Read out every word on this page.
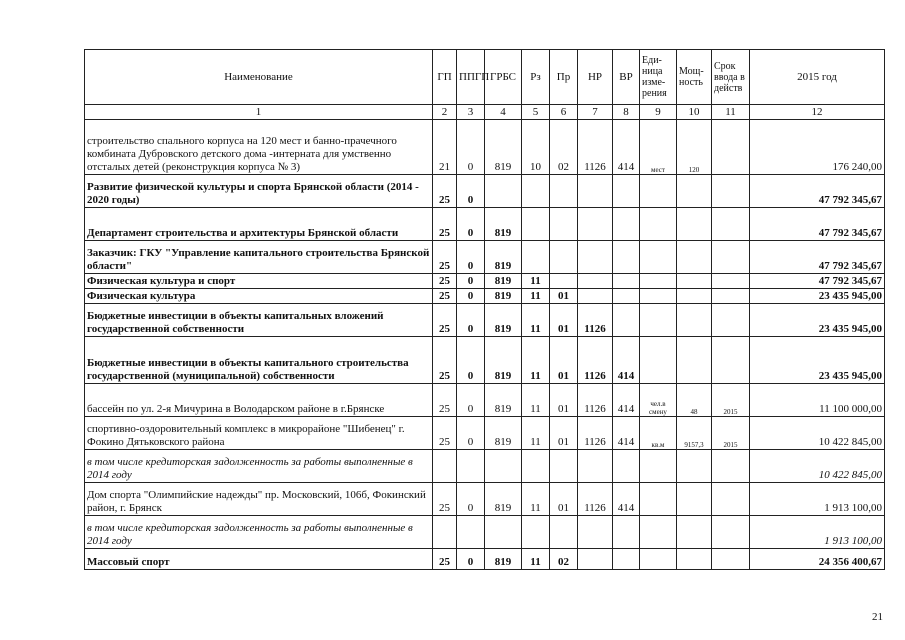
Наименование	ГП	ППГП	ГРБС	Рз	Пр	НР	ВР	Еди-ница изме-рения	Мощ-ность	Срок ввода в действ	2015 год
1	2	3	4	5	6	7	8	9	10	11	12
строительство спального корпуса на 120 мест и банно-прачечного комбината Дубровского детского дома -интерната для умственно отсталых детей (реконструкция корпуса № 3)	21	0	819	10	02	1126	414	мест	120		176 240,00
Развитие физической культуры и спорта Брянской области (2014 - 2020 годы)	25	0									47 792 345,67
Департамент строительства и архитектуры Брянской области	25	0	819								47 792 345,67
Заказчик: ГКУ "Управление капитального строительства Брянской области"	25	0	819								47 792 345,67
Физическая культура и спорт	25	0	819	11							47 792 345,67
Физическая культура	25	0	819	11	01						23 435 945,00
Бюджетные инвестиции в объекты капитальных вложений государственной собственности	25	0	819	11	01	1126					23 435 945,00
Бюджетные инвестиции в объекты капитального строительства государственной (муниципальной) собственности	25	0	819	11	01	1126	414				23 435 945,00
бассейн по ул. 2-я Мичурина в Володарском районе в г.Брянске	25	0	819	11	01	1126	414	чел.в смену	48	2015	11 100 000,00
спортивно-оздоровительный комплекс в микрорайоне "Шибенец" г. Фокино Дятьковского района	25	0	819	11	01	1126	414	кв.м	9157,3	2015	10 422 845,00
в том числе кредиторская задолженность за работы выполненные в 2014 году											10 422 845,00
Дом спорта "Олимпийские надежды" пр. Московский, 106б, Фокинский район, г. Брянск	25	0	819	11	01	1126	414				1 913 100,00
в том числе кредиторская задолженность за работы выполненные в 2014 году											1 913 100,00
Массовый спорт	25	0	819	11	02						24 356 400,67
21
